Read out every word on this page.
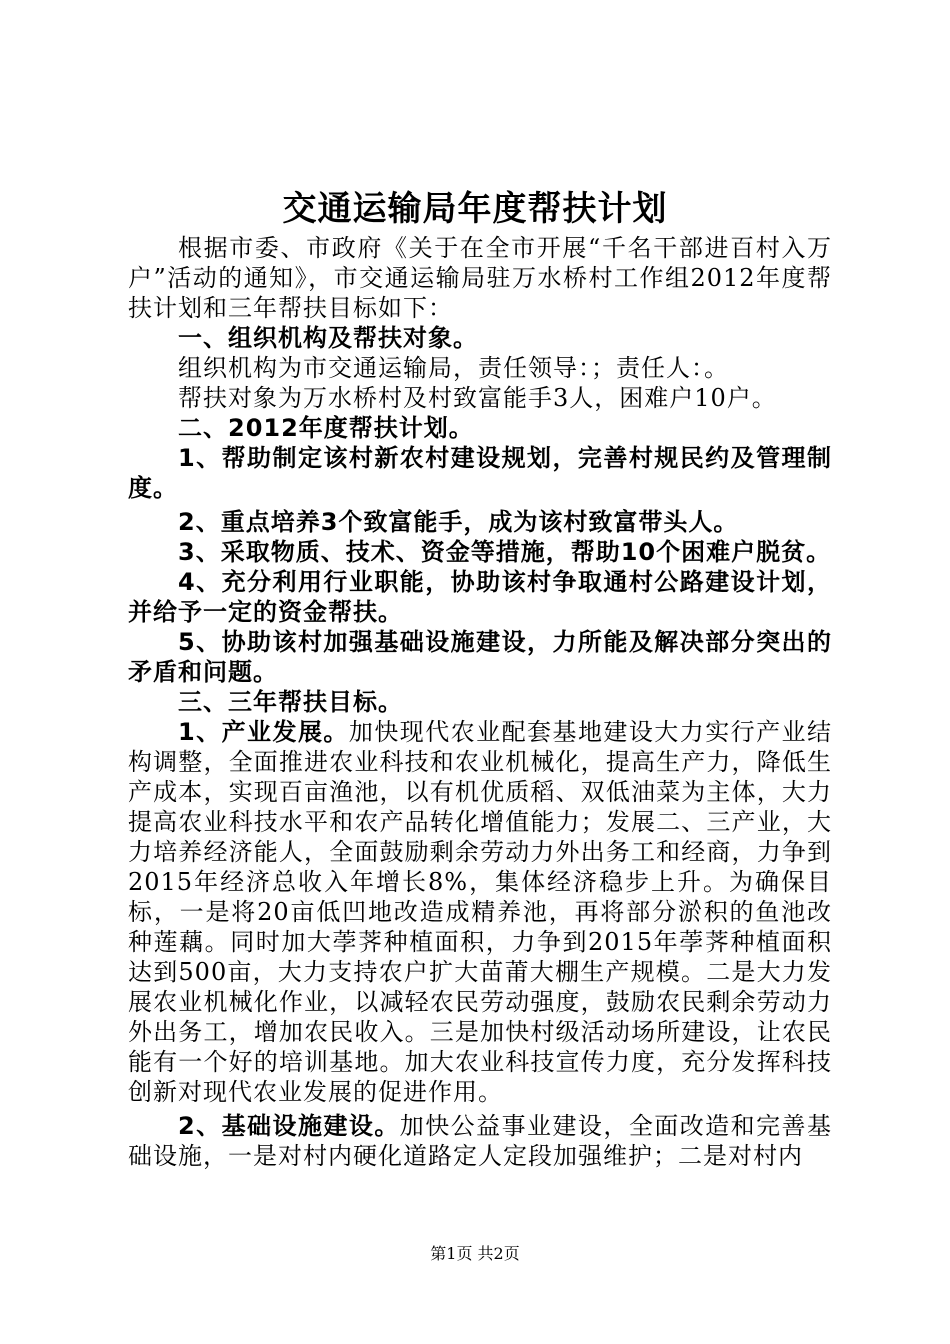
交通运输局年度帮扶计划

根据市委、市政府《关于在全市开展“千名干部进百村入万户”活动的通知》，市交通运输局驻万水桥村工作组2012年度帮扶计划和三年帮扶目标如下：

一、组织机构及帮扶对象。

组织机构为市交通运输局，责任领导：；责任人：。

帮扶对象为万水桥村及村致富能手3人，困难户10户。

二、2012年度帮扶计划。

1、帮助制定该村新农村建设规划，完善村规民约及管理制度。

2、重点培养3个致富能手，成为该村致富带头人。

3、采取物质、技术、资金等措施，帮助10个困难户脱贫。

4、充分利用行业职能，协助该村争取通村公路建设计划，并给予一定的资金帮扶。

5、协助该村加强基础设施建设，力所能及解决部分突出的矛盾和问题。

三、三年帮扶目标。

1、产业发展。加快现代农业配套基地建设大力实行产业结构调整，全面推进农业科技和农业机械化，提高生产力，降低生产成本，实现百亩渔池，以有机优质稻、双低油菜为主体，大力提高农业科技水平和农产品转化增值能力；发展二、三产业，大力培养经济能人，全面鼓励剩余劳动力外出务工和经商，力争到2015年经济总收入年增长8%，集体经济稳步上升。为确保目标，一是将20亩低凹地改造成精养池，再将部分淤积的鱼池改种莲藕。同时加大荸荠种植面积，力争到2015年荸荠种植面积达到500亩，大力支持农户扩大苗莆大棚生产规模。二是大力发展农业机械化作业，以减轻农民劳动强度，鼓励农民剩余劳动力外出务工，增加农民收入。三是加快村级活动场所建设，让农民能有一个好的培训基地。加大农业科技宣传力度，充分发挥科技创新对现代农业发展的促进作用。

2、基础设施建设。加快公益事业建设，全面改造和完善基础设施，一是对村内硬化道路定人定段加强维护；二是对村内

第1页 共2页
